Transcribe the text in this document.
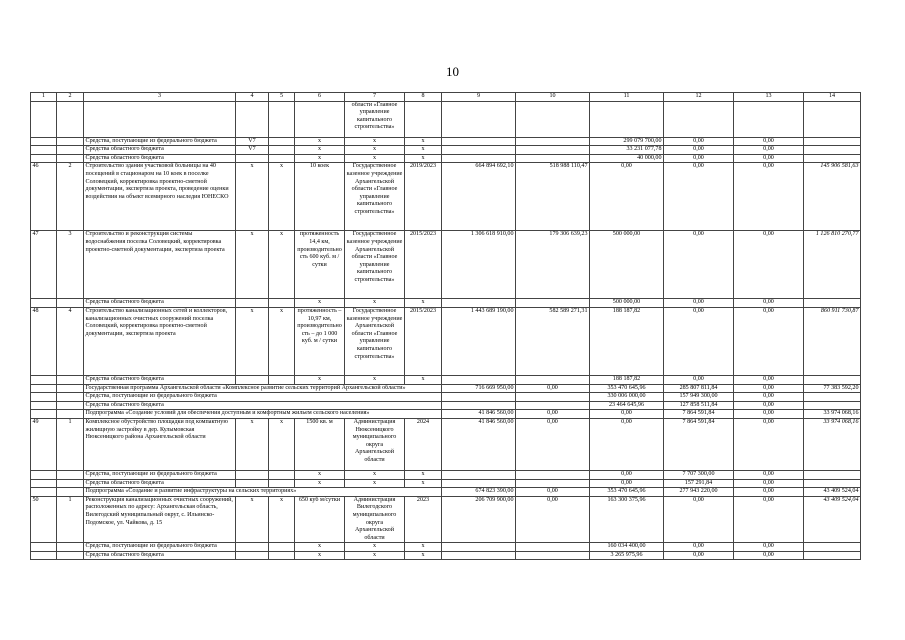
10
1	2	3	4	5	6	7	8	9	10	11	12	13	14
						области «Главное управление капитального строительства»							
		Средства, поступающие из федерального бюджета	V7		х	х	х			299 079 700,00	0,00	0,00	
		Средства областного бюджета	V7		х	х	х			33 231 077,78	0,00	0,00	
		Средства областного бюджета			х	х	х			40 000,00	0,00	0,00	
46	2	Строительство здания участковой больницы на 40 посещений в стационаром на 10 коек в поселке Соловецкий, корректировка проектно-сметной документации, экспертиза проекта, проведение оценки воздействия на объект всемирного наследия ЮНЕСКО	х	х	10 коек	Государственное казенное учреждение Архангельской области «Главное управление капитального строительства»	2019/2023	664 894 692,10	518 988 110,47	0,00	0,00	0,00	145 906 581,63
47	3	Строительство и реконструкция системы водоснабжения поселка Соловецкий, корректировка проектно-сметной документации, экспертиза проекта	х	х	протяженность 14,4 км, производительность 600 куб. м / сутки	Государственное казенное учреждение Архангельской области «Главное управление капитального строительства»	2015/2023	1 306 618 910,00	179 306 639,23	500 000,00	0,00	0,00	1 126 810 270,77
		Средства областного бюджета			х	х	х			500 000,00	0,00	0,00	
48	4	Строительство канализационных сетей и коллекторов, канализационных очистных сооружений поселка Соловецкий, корректировка проектно-сметной документации, экспертиза проекта	х	х	протяженность – 10,97 км, производительность – до 1 000 куб. м / сутки	Государственное казенное учреждение Архангельской области «Главное управление капитального строительства»	2015/2023	1 443 689 190,00	582 589 271,31	188 187,82	0,00	0,00	860 911 730,87
		Средства областного бюджета			х	х	х			188 187,82	0,00	0,00	
		Государственная программа Архангельской области «Комплексное развитие сельских территорий Архангельской области»						716 669 950,00	0,00	353 470 645,96	285 807 811,84	0,00	77 383 592,20
		Средства, поступающие из федерального бюджета								330 006 000,00	157 949 300,00	0,00	
		Средства областного бюджета								23 464 645,96	127 858 511,84	0,00	
		Подпрограмма «Создание условий для обеспечения доступным и комфортным жильем сельского населения»						41 846 560,00	0,00	0,00	7 864 591,84	0,00	33 974 068,16
49	1	Комплексное обустройство площадки под компактную жилищную застройку в дер. Кулымовская Нюксеницкого района Архангельской области	х	х	1500 кв. м	Администрация Нюксеницкого муниципального округа Архангельской области	2024	41 846 560,00	0,00	0,00	7 864 591,84	0,00	33 974 068,16
		Средства, поступающие из федерального бюджета			х	х	х			0,00	7 707 300,00	0,00	
		Средства областного бюджета			х	х	х			0,00	157 291,84	0,00	
		Подпрограмма «Создание и развитие инфраструктуры на сельских территориях»						674 823 390,00	0,00	353 470 645,96	277 943 220,00	0,00	43 409 524,04
50	1	Реконструкция канализационных очистных сооружений, расположенных по адресу: Архангельская область, Вилегодский муниципальный округ, с. Ильинско-Подомское, ул. Чайкова, д. 15	х	х	650 куб м/сутки	Администрация Вилегодского муниципального округа Архангельской области	2023	206 709 900,00	0,00	163 300 375,96	0,00	0,00	43 409 524,04
		Средства, поступающие из федерального бюджета			х	х	х			160 034 400,00	0,00	0,00	
		Средства областного бюджета			х	х	х			3 265 975,96	0,00	0,00	
